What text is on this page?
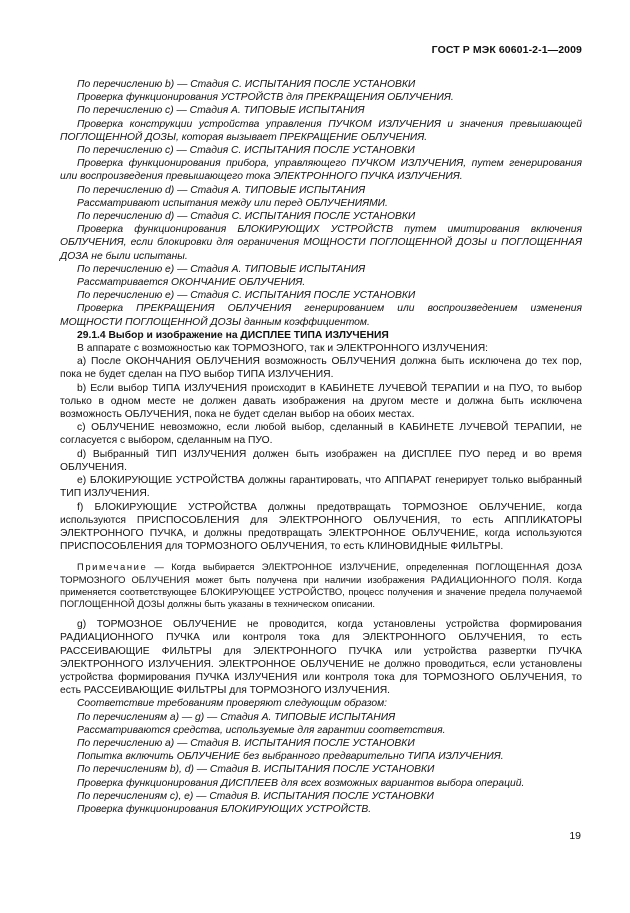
ГОСТ Р МЭК 60601-2-1—2009

По перечислению b) — Стадия С. ИСПЫТАНИЯ ПОСЛЕ УСТАНОВКИ

Проверка функционирования УСТРОЙСТВ для ПРЕКРАЩЕНИЯ ОБЛУЧЕНИЯ.

По перечислению c) — Стадия А. ТИПОВЫЕ ИСПЫТАНИЯ

Проверка конструкции устройства управления ПУЧКОМ ИЗЛУЧЕНИЯ и значения превышающей ПОГЛОЩЕННОЙ ДОЗЫ, которая вызывает ПРЕКРАЩЕНИЕ ОБЛУЧЕНИЯ.

По перечислению c) — Стадия С. ИСПЫТАНИЯ ПОСЛЕ УСТАНОВКИ

Проверка функционирования прибора, управляющего ПУЧКОМ ИЗЛУЧЕНИЯ, путем генерирования или воспроизведения превышающего тока ЭЛЕКТРОННОГО ПУЧКА ИЗЛУЧЕНИЯ.

По перечислению d) — Стадия А. ТИПОВЫЕ ИСПЫТАНИЯ

Рассматривают испытания между или перед ОБЛУЧЕНИЯМИ.

По перечислению d) — Стадия С. ИСПЫТАНИЯ ПОСЛЕ УСТАНОВКИ

Проверка функционирования БЛОКИРУЮЩИХ УСТРОЙСТВ путем имитирования включения ОБЛУЧЕНИЯ, если блокировки для ограничения МОЩНОСТИ ПОГЛОЩЕННОЙ ДОЗЫ и ПОГЛОЩЕННАЯ ДОЗА не были испытаны.

По перечислению е) — Стадия А. ТИПОВЫЕ ИСПЫТАНИЯ

Рассматривается ОКОНЧАНИЕ ОБЛУЧЕНИЯ.

По перечислению е) — Стадия С. ИСПЫТАНИЯ ПОСЛЕ УСТАНОВКИ

Проверка ПРЕКРАЩЕНИЯ ОБЛУЧЕНИЯ генерированием или воспроизведением изменения МОЩНОСТИ ПОГЛОЩЕННОЙ ДОЗЫ данным коэффициентом.

29.1.4 Выбор и изображение на ДИСПЛЕЕ ТИПА ИЗЛУЧЕНИЯ

В аппарате с возможностью как ТОРМОЗНОГО, так и ЭЛЕКТРОННОГО ИЗЛУЧЕНИЯ:

a) После ОКОНЧАНИЯ ОБЛУЧЕНИЯ возможность ОБЛУЧЕНИЯ должна быть исключена до тех пор, пока не будет сделан на ПУО выбор ТИПА ИЗЛУЧЕНИЯ.

b) Если выбор ТИПА ИЗЛУЧЕНИЯ происходит в КАБИНЕТЕ ЛУЧЕВОЙ ТЕРАПИИ и на ПУО, то выбор только в одном месте не должен давать изображения на другом месте и должна быть исключена возможность ОБЛУЧЕНИЯ, пока не будет сделан выбор на обоих местах.

c) ОБЛУЧЕНИЕ невозможно, если любой выбор, сделанный в КАБИНЕТЕ ЛУЧЕВОЙ ТЕРАПИИ, не согласуется с выбором, сделанным на ПУО.

d) Выбранный ТИП ИЗЛУЧЕНИЯ должен быть изображен на ДИСПЛЕЕ ПУО перед и во время ОБЛУЧЕНИЯ.

е) БЛОКИРУЮЩИЕ УСТРОЙСТВА должны гарантировать, что АППАРАТ генерирует только выбранный ТИП ИЗЛУЧЕНИЯ.

f) БЛОКИРУЮЩИЕ УСТРОЙСТВА должны предотвращать ТОРМОЗНОЕ ОБЛУЧЕНИЕ, когда используются ПРИСПОСОБЛЕНИЯ для ЭЛЕКТРОННОГО ОБЛУЧЕНИЯ, то есть АППЛИКАТОРЫ ЭЛЕКТРОННОГО ПУЧКА, и должны предотвращать ЭЛЕКТРОННОЕ ОБЛУЧЕНИЕ, когда используются ПРИСПОСОБЛЕНИЯ для ТОРМОЗНОГО ОБЛУЧЕНИЯ, то есть КЛИНОВИДНЫЕ ФИЛЬТРЫ.

Примечание — Когда выбирается ЭЛЕКТРОННОЕ ИЗЛУЧЕНИЕ, определенная ПОГЛОЩЕННАЯ ДОЗА ТОРМОЗНОГО ОБЛУЧЕНИЯ может быть получена при наличии изображения РАДИАЦИОННОГО ПОЛЯ. Когда применяется соответствующее БЛОКИРУЮЩЕЕ УСТРОЙСТВО, процесс получения и значение предела получаемой ПОГЛОЩЕННОЙ ДОЗЫ должны быть указаны в техническом описании.

g) ТОРМОЗНОЕ ОБЛУЧЕНИЕ не проводится, когда установлены устройства формирования РАДИАЦИОННОГО ПУЧКА или контроля тока для ЭЛЕКТРОННОГО ОБЛУЧЕНИЯ, то есть РАССЕИВАЮЩИЕ ФИЛЬТРЫ для ЭЛЕКТРОННОГО ПУЧКА или устройства развертки ПУЧКА ЭЛЕКТРОННОГО ИЗЛУЧЕНИЯ. ЭЛЕКТРОННОЕ ОБЛУЧЕНИЕ не должно проводиться, если установлены устройства формирования ПУЧКА ИЗЛУЧЕНИЯ или контроля тока для ТОРМОЗНОГО ОБЛУЧЕНИЯ, то есть РАССЕИВАЮЩИЕ ФИЛЬТРЫ для ТОРМОЗНОГО ИЗЛУЧЕНИЯ.

Соответствие требованиям проверяют следующим образом:

По перечислениям а) — g) — Стадия А. ТИПОВЫЕ ИСПЫТАНИЯ

Рассматриваются средства, используемые для гарантии соответствия.

По перечислению а) — Стадия В. ИСПЫТАНИЯ ПОСЛЕ УСТАНОВКИ

Попытка включить ОБЛУЧЕНИЕ без выбранного предварительно ТИПА ИЗЛУЧЕНИЯ.

По перечислениям b), d) — Стадия В. ИСПЫТАНИЯ ПОСЛЕ УСТАНОВКИ

Проверка функционирования ДИСПЛЕЕВ для всех возможных вариантов выбора операций.

По перечислениям с), е) — Стадия В. ИСПЫТАНИЯ ПОСЛЕ УСТАНОВКИ

Проверка функционирования БЛОКИРУЮЩИХ УСТРОЙСТВ.

19
